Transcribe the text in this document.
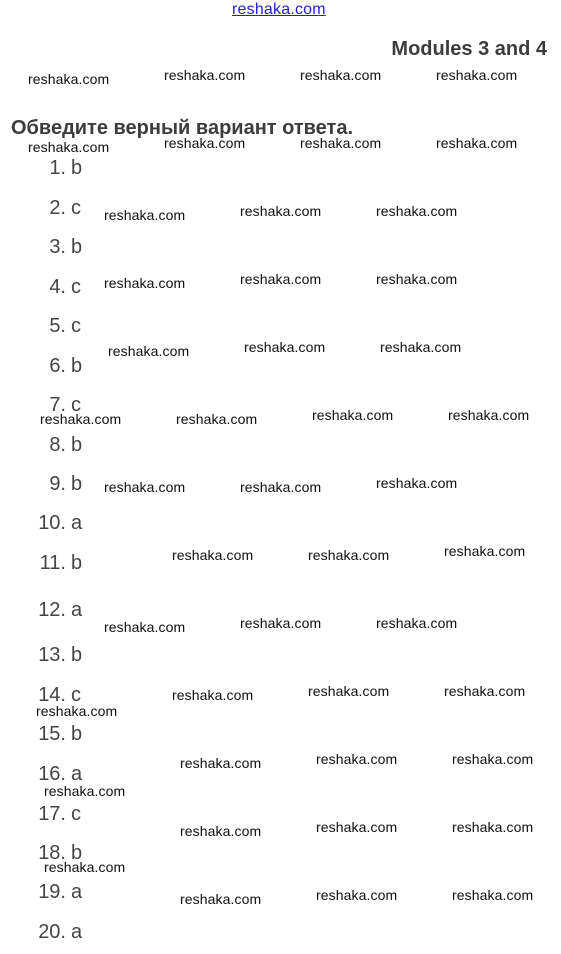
reshaka.com
Modules 3 and 4
Обведите верный вариант ответа.
1. b
2. c
3. b
4. c
5. c
6. b
7. c
8. b
9. b
10. a
11. b
12. a
13. b
14. c
15. b
16. a
17. c
18. b
19. a
20. a
reshaka.com	reshaka.com	reshaka.com	reshaka.com
reshaka.com	reshaka.com	reshaka.com	reshaka.com
reshaka.com	reshaka.com	reshaka.com
reshaka.com	reshaka.com	reshaka.com
reshaka.com	reshaka.com	reshaka.com
reshaka.com	reshaka.com	reshaka.com	reshaka.com
reshaka.com	reshaka.com	reshaka.com
reshaka.com	reshaka.com	reshaka.com
reshaka.com	reshaka.com	reshaka.com
reshaka.com	reshaka.com	reshaka.com
reshaka.com
reshaka.com	reshaka.com	reshaka.com
reshaka.com
reshaka.com	reshaka.com	reshaka.com
reshaka.com
reshaka.com	reshaka.com	reshaka.com
